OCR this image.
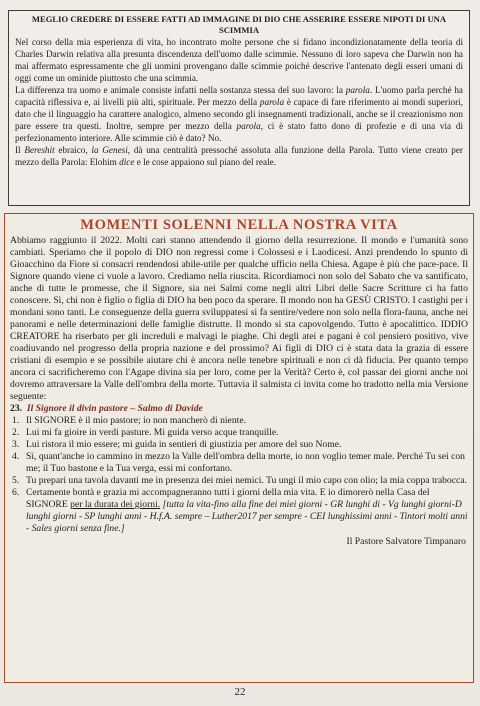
MEGLIO CREDERE DI ESSERE FATTI AD IMMAGINE DI DIO CHE ASSERIRE ESSERE NIPOTI DI UNA SCIMMIA

Nel corso della mia esperienza di vita, ho incontrato molte persone che si fidano incondizionatamente della teoria di Charles Darwin relativa alla presunta discendenza dell'uomo dalle scimmie. Nessuno di loro sapeva che Darwin non ha mai affermato espressamente che gli uomini provengano dalle scimmie poiché descrive l'antenato degli esseri umani di oggi come un ominide piuttosto che una scimmia.

La differenza tra uomo e animale consiste infatti nella sostanza stessa del suo lavoro: la parola. L'uomo parla perché ha capacità riflessiva e, ai livelli più alti, spirituale. Per mezzo della parola è capace di fare riferimento ai mondi superiori, dato che il linguaggio ha carattere analogico, almeno secondo gli insegnamenti tradizionali, anche se il creazionismo non pare essere tra questi. Inoltre, sempre per mezzo della parola, ci è stato fatto dono di profezie e di una via di perfezionamento interiore. Alle scimmie ciò è dato? No.

Il Bereshit ebraico, la Genesi, dà una centralità pressoché assoluta alla funzione della Parola. Tutto viene creato per mezzo della Parola: Elohim dice e le cose appaiono sul piano del reale.

MOMENTI SOLENNI NELLA NOSTRA VITA

Abbiamo raggiunto il 2022. Molti cari stanno attendendo il giorno della resurrezione. Il mondo e l'umanità sono cambiati. Speriamo che il popolo di DIO non regressi come i Colossesi e i Laodicesi. Anzi prendendo lo spunto di Gioacchino da Fiore si consacri rendendosi abile-utile per qualche ufficio nella Chiesa. Agape è più che pace-pace. Il Signore quando viene ci vuole a lavoro. Crediamo nella riuscita. Ricordiamoci non solo del Sabato che va santificato, anche di tutte le promesse, che il Signore, sia nei Salmi come negli altri Libri delle Sacre Scritture ci ha fatto conoscere. Sì, chi non è figlio o figlia di DIO ha ben poco da sperare. Il mondo non ha GESÙ CRISTO. I castighi per i mondani sono tanti. Le conseguenze della guerra sviluppatesi si fa sentire/vedere non solo nella flora-fauna, anche nei panorami e nelle determinazioni delle famiglie distrutte. Il mondo si sta capovolgendo. Tutto è apocalittico. IDDIO CREATORE ha riserbato per gli increduli e malvagi le piaghe. Chi degli atei e pagani è col pensiero positivo, vive coadiuvando nel progresso della propria nazione e del prossimo? Ai figli di DIO ci è stata data la grazia di essere cristiani di esempio e se possibile aiutare chi è ancora nelle tenebre spirituali e non ci dà fiducia. Per quanto tempo ancora ci sacrificheremo con l'Agape divina sia per loro, come per la Verità? Certo è, col passar dei giorni anche noi dovremo attraversare la Valle dell'ombra della morte. Tuttavia il salmista ci invita come ho tradotto nella mia Versione seguente:

23. Il Signore il divin pastore – Salmo di Davide

1. Il SIGNORE è il mio pastore; io non mancherò di niente.
2. Lui mi fa gioire in verdi pasture. Mi guida verso acque tranquille.
3. Lui ristora il mio essere; mi guida in sentieri di giustizia per amore del suo Nome.
4. Sì, quant'anche io cammino in mezzo la Valle dell'ombra della morte, io non voglio temer male. Perché Tu sei con me; il Tuo bastone e la Tua verga, essi mi confortano.
5. Tu prepari una tavola davanti me in presenza dei miei nemici. Tu ungi il mio capo con olio; la mia coppa trabocca.
6. Certamente bontà e grazia mi accompagneranno tutti i giorni della mia vita. E io dimorerò nella Casa del SIGNORE per la durata dei giorni. [tutta la vita-fino alla fine dei miei giorni - GR lunghi di - Vg lunghi giorni-D lunghi giorni - SP lunghi anni - H.f.A. sempre – Luther2017 per sempre - CEI lunghissimi anni - Tintori molti anni - Sales giorni senza fine.]

Il Pastore Salvatore Timpanaro

22
